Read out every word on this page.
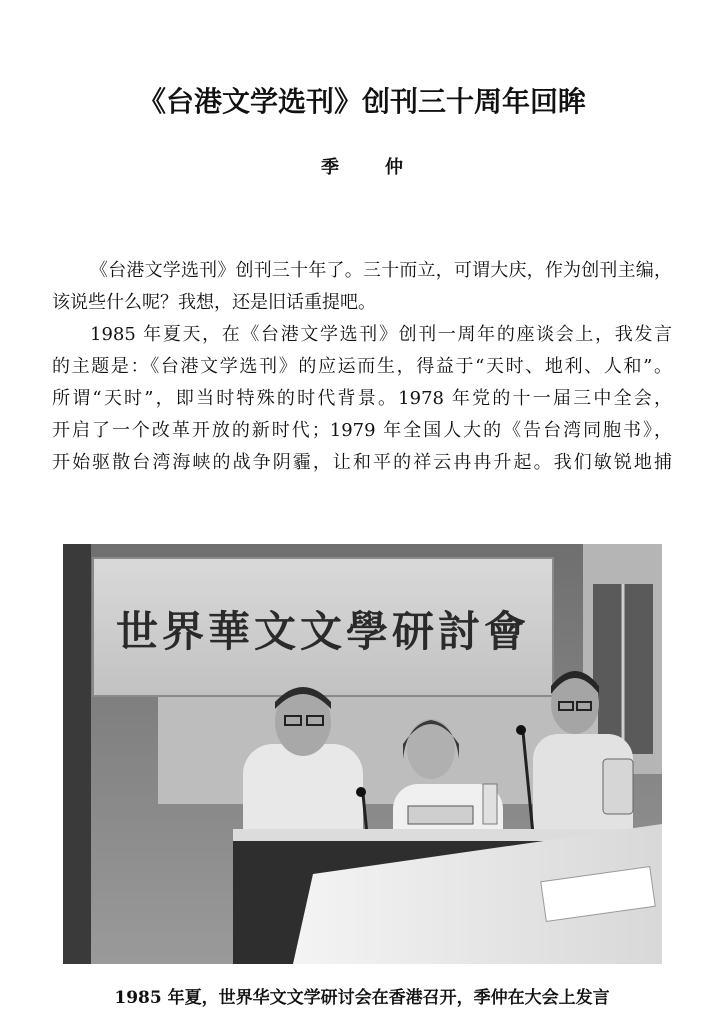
《台港文学选刊》创刊三十周年回眸
季　仲

《台港文学选刊》创刊三十年了。三十而立，可谓大庆，作为创刊主编，
该说些什么呢？我想，还是旧话重提吧。

1985 年夏天，在《台港文学选刊》创刊一周年的座谈会上，我发言
的主题是：《台港文学选刊》的应运而生，得益于“天时、地利、人和”。
所谓“天时”，即当时特殊的时代背景。1978 年党的十一届三中全会，
开启了一个改革开放的新时代；1979 年全国人大的《告台湾同胞书》，
开始驱散台湾海峡的战争阴霾，让和平的祥云冉冉升起。我们敏锐地捕

世界華文文學研討會
1985 年夏，世界华文文学研讨会在香港召开，季仲在大会上发言
